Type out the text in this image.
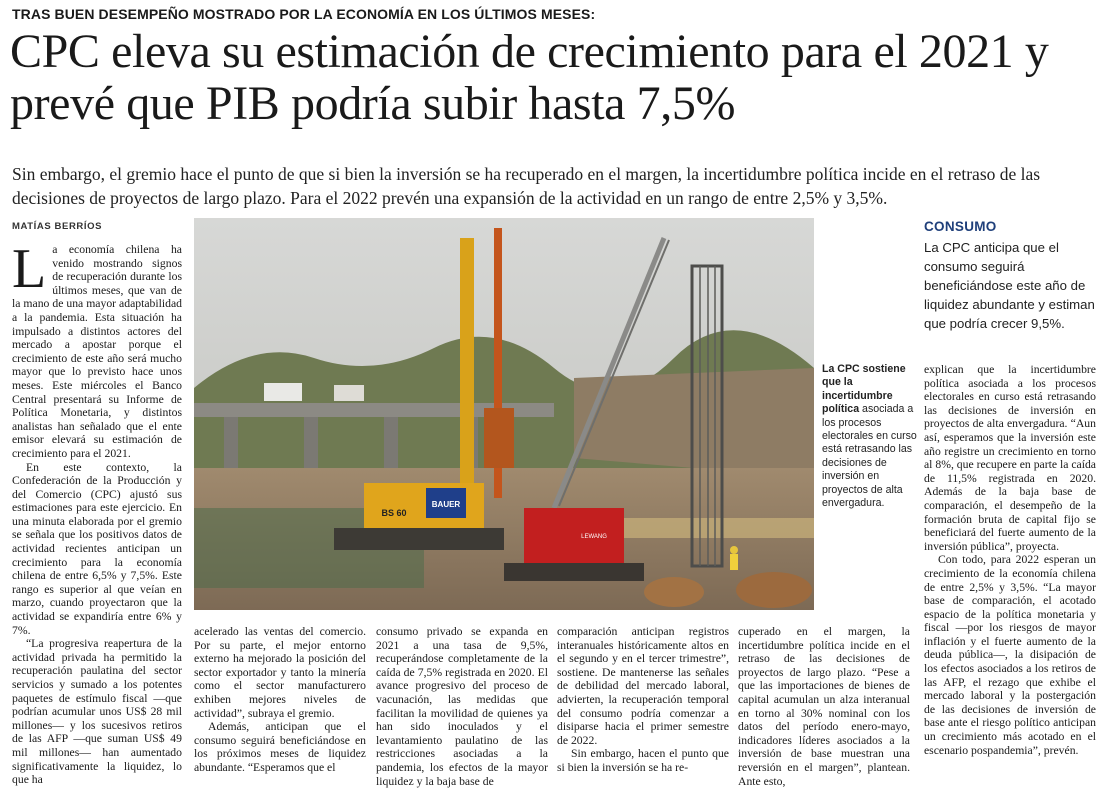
TRAS BUEN DESEMPEÑO MOSTRADO POR LA ECONOMÍA EN LOS ÚLTIMOS MESES:
CPC eleva su estimación de crecimiento para el 2021 y prevé que PIB podría subir hasta 7,5%
Sin embargo, el gremio hace el punto de que si bien la inversión se ha recuperado en el margen, la incertidumbre política incide en el retraso de las decisiones de proyectos de largo plazo. Para el 2022 prevén una expansión de la actividad en un rango de entre 2,5% y 3,5%.
MATÍAS BERRÍOS
BAUER
BS 60
LEWANG
La CPC sostiene que la incertidumbre política asociada a los procesos electorales en curso está retrasando las decisiones de inversión en proyectos de alta envergadura.
CONSUMO
La CPC anticipa que el consumo seguirá beneficiándose este año de liquidez abundante y estiman que podría crecer 9,5%.

La economía chilena ha venido mostrando signos de recuperación durante los últimos meses, que van de la mano de una mayor adaptabilidad a la pandemia. Esta situación ha impulsado a distintos actores del mercado a apostar porque el crecimiento de este año será mucho mayor que lo previsto hace unos meses. Este miércoles el Banco Central presentará su Informe de Política Monetaria, y distintos analistas han señalado que el ente emisor elevará su estimación de crecimiento para el 2021.

En este contexto, la Confederación de la Producción y del Comercio (CPC) ajustó sus estimaciones para este ejercicio. En una minuta elaborada por el gremio se señala que los positivos datos de actividad recientes anticipan un crecimiento para la economía chilena de entre 6,5% y 7,5%. Este rango es superior al que veían en marzo, cuando proyectaron que la actividad se expandiría entre 6% y 7%.

“La progresiva reapertura de la actividad privada ha permitido la recuperación paulatina del sector servicios y sumado a los potentes paquetes de estímulo fiscal —que podrían acumular unos US$ 28 mil millones— y los sucesivos retiros de las AFP —que suman US$ 49 mil millones— han aumentado significativamente la liquidez, lo que ha

acelerado las ventas del comercio. Por su parte, el mejor entorno externo ha mejorado la posición del sector exportador y tanto la minería como el sector manufacturero exhiben mejores niveles de actividad”, subraya el gremio.

Además, anticipan que el consumo seguirá beneficiándose en los próximos meses de liquidez abundante. “Esperamos que el

consumo privado se expanda en 2021 a una tasa de 9,5%, recuperándose completamente de la caída de 7,5% registrada en 2020. El avance progresivo del proceso de vacunación, las medidas que facilitan la movilidad de quienes ya han sido inoculados y el levantamiento paulatino de las restricciones asociadas a la pandemia, los efectos de la mayor liquidez y la baja base de

comparación anticipan registros interanuales históricamente altos en el segundo y en el tercer trimestre”, sostiene. De mantenerse las señales de debilidad del mercado laboral, advierten, la recuperación temporal del consumo podría comenzar a disiparse hacia el primer semestre de 2022.

Sin embargo, hacen el punto que si bien la inversión se ha re-

cuperado en el margen, la incertidumbre política incide en el retraso de las decisiones de proyectos de largo plazo. “Pese a que las importaciones de bienes de capital acumulan un alza interanual en torno al 30% nominal con los datos del período enero-mayo, indicadores líderes asociados a la inversión de base muestran una reversión en el margen”, plantean. Ante esto,

explican que la incertidumbre política asociada a los procesos electorales en curso está retrasando las decisiones de inversión en proyectos de alta envergadura. “Aun así, esperamos que la inversión este año registre un crecimiento en torno al 8%, que recupere en parte la caída de 11,5% registrada en 2020. Además de la baja base de comparación, el desempeño de la formación bruta de capital fijo se beneficiará del fuerte aumento de la inversión pública”, proyecta.

Con todo, para 2022 esperan un crecimiento de la economía chilena de entre 2,5% y 3,5%. “La mayor base de comparación, el acotado espacio de la política monetaria y fiscal —por los riesgos de mayor inflación y el fuerte aumento de la deuda pública—, la disipación de los efectos asociados a los retiros de las AFP, el rezago que exhibe el mercado laboral y la postergación de las decisiones de inversión de base ante el riesgo político anticipan un crecimiento más acotado en el escenario pospandemia”, prevén.
